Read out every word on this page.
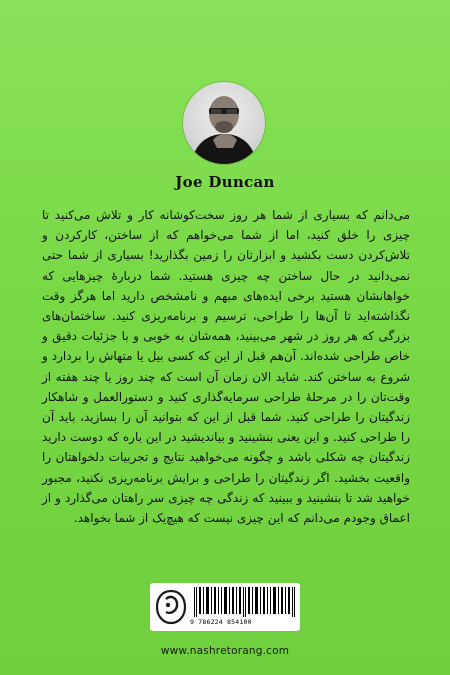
Joe Duncan

می‌دانم که بسیاری از شما هر روز سخت‌کوشانه کار و تلاش می‌کنید تا چیزی را خلق کنید، اما از شما می‌خواهم که از ساختن، کارکردن و تلاش‌کردن دست بکشید و ابزارتان را زمین بگذارید! بسیاری از شما حتی نمی‌دانید در حال ساختن چه چیزی هستید. شما دربارهٔ چیزهایی که خواهانشان هستید برخی ایده‌های مبهم و نامشخص دارید اما هرگز وقت نگذاشته‌اید تا آن‌ها را طراحی، ترسیم و برنامه‌ریزی کنید. ساختمان‌های بزرگی که هر روز در شهر می‌بینید، همه‌شان به خوبی و با جزئیات دقیق و خاص طراحی شده‌اند. آن‌هم قبل از این که کسی بیل یا متهاش را بردارد و شروع به ساختن کند. شاید الان زمان آن است که چند روز یا چند هفته از وقت‌تان را در مرحلهٔ طراحی سرمایه‌گذاری کنید و دستورالعمل و شاهکار زندگیتان را طراحی کنید. شما قبل از این که بتوانید آن را بسازید، باید آن را طراحی کنید. و این یعنی بنشینید و بیاندیشید در این باره که دوست دارید زندگیتان چه شکلی باشد و چگونه می‌خواهید نتایج و تجربیات دلخواهتان را واقعیت بخشید. اگر زندگیتان را طراحی و برایش برنامه‌ریزی نکنید، مجبور خواهید شد تا بنشینید و ببینید که زندگی چه چیزی سر راهتان می‌گذارد و از اعماق وجودم می‌دانم که این چیزی نیست که هیچ‌یک از شما بخواهد.

9 786224 854100
www.nashretorang.com
